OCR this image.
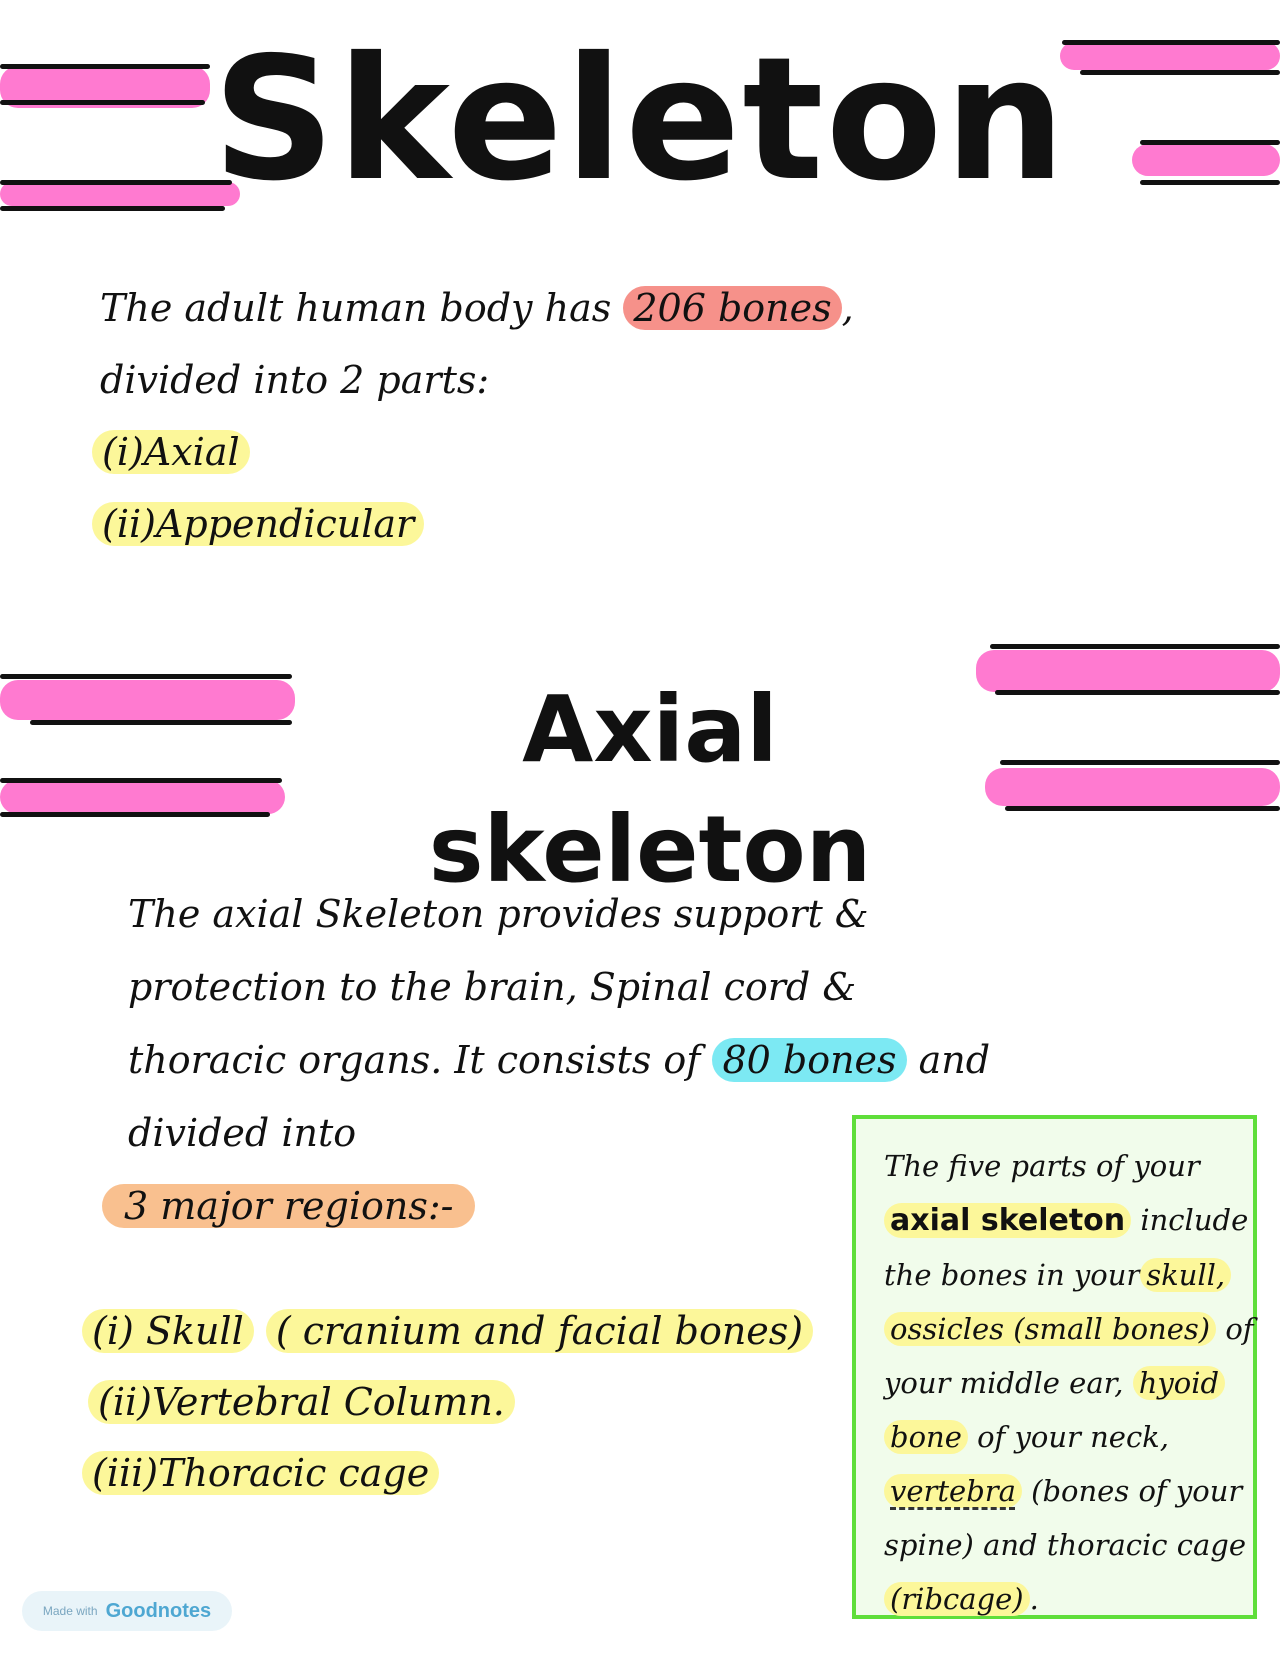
Skeleton
The adult human body has 206 bones ,
divided into 2 parts:
(i)Axial
(ii)Appendicular
Axial skeleton
The axial Skeleton provides support &
protection to the brain, Spinal cord &
thoracic organs. It consists of 80 bones and
divided into
3 major regions:-
(i) Skull ( cranium and facial bones)
(ii)Vertebral Column.
(iii)Thoracic cage
The five parts of your
axial skeleton include
the bones in your skull,
ossicles (small bones) of
your middle ear, hyoid
bone of your neck,
vertebra (bones of your
spine) and thoracic cage
(ribcage) .
Made with Goodnotes
